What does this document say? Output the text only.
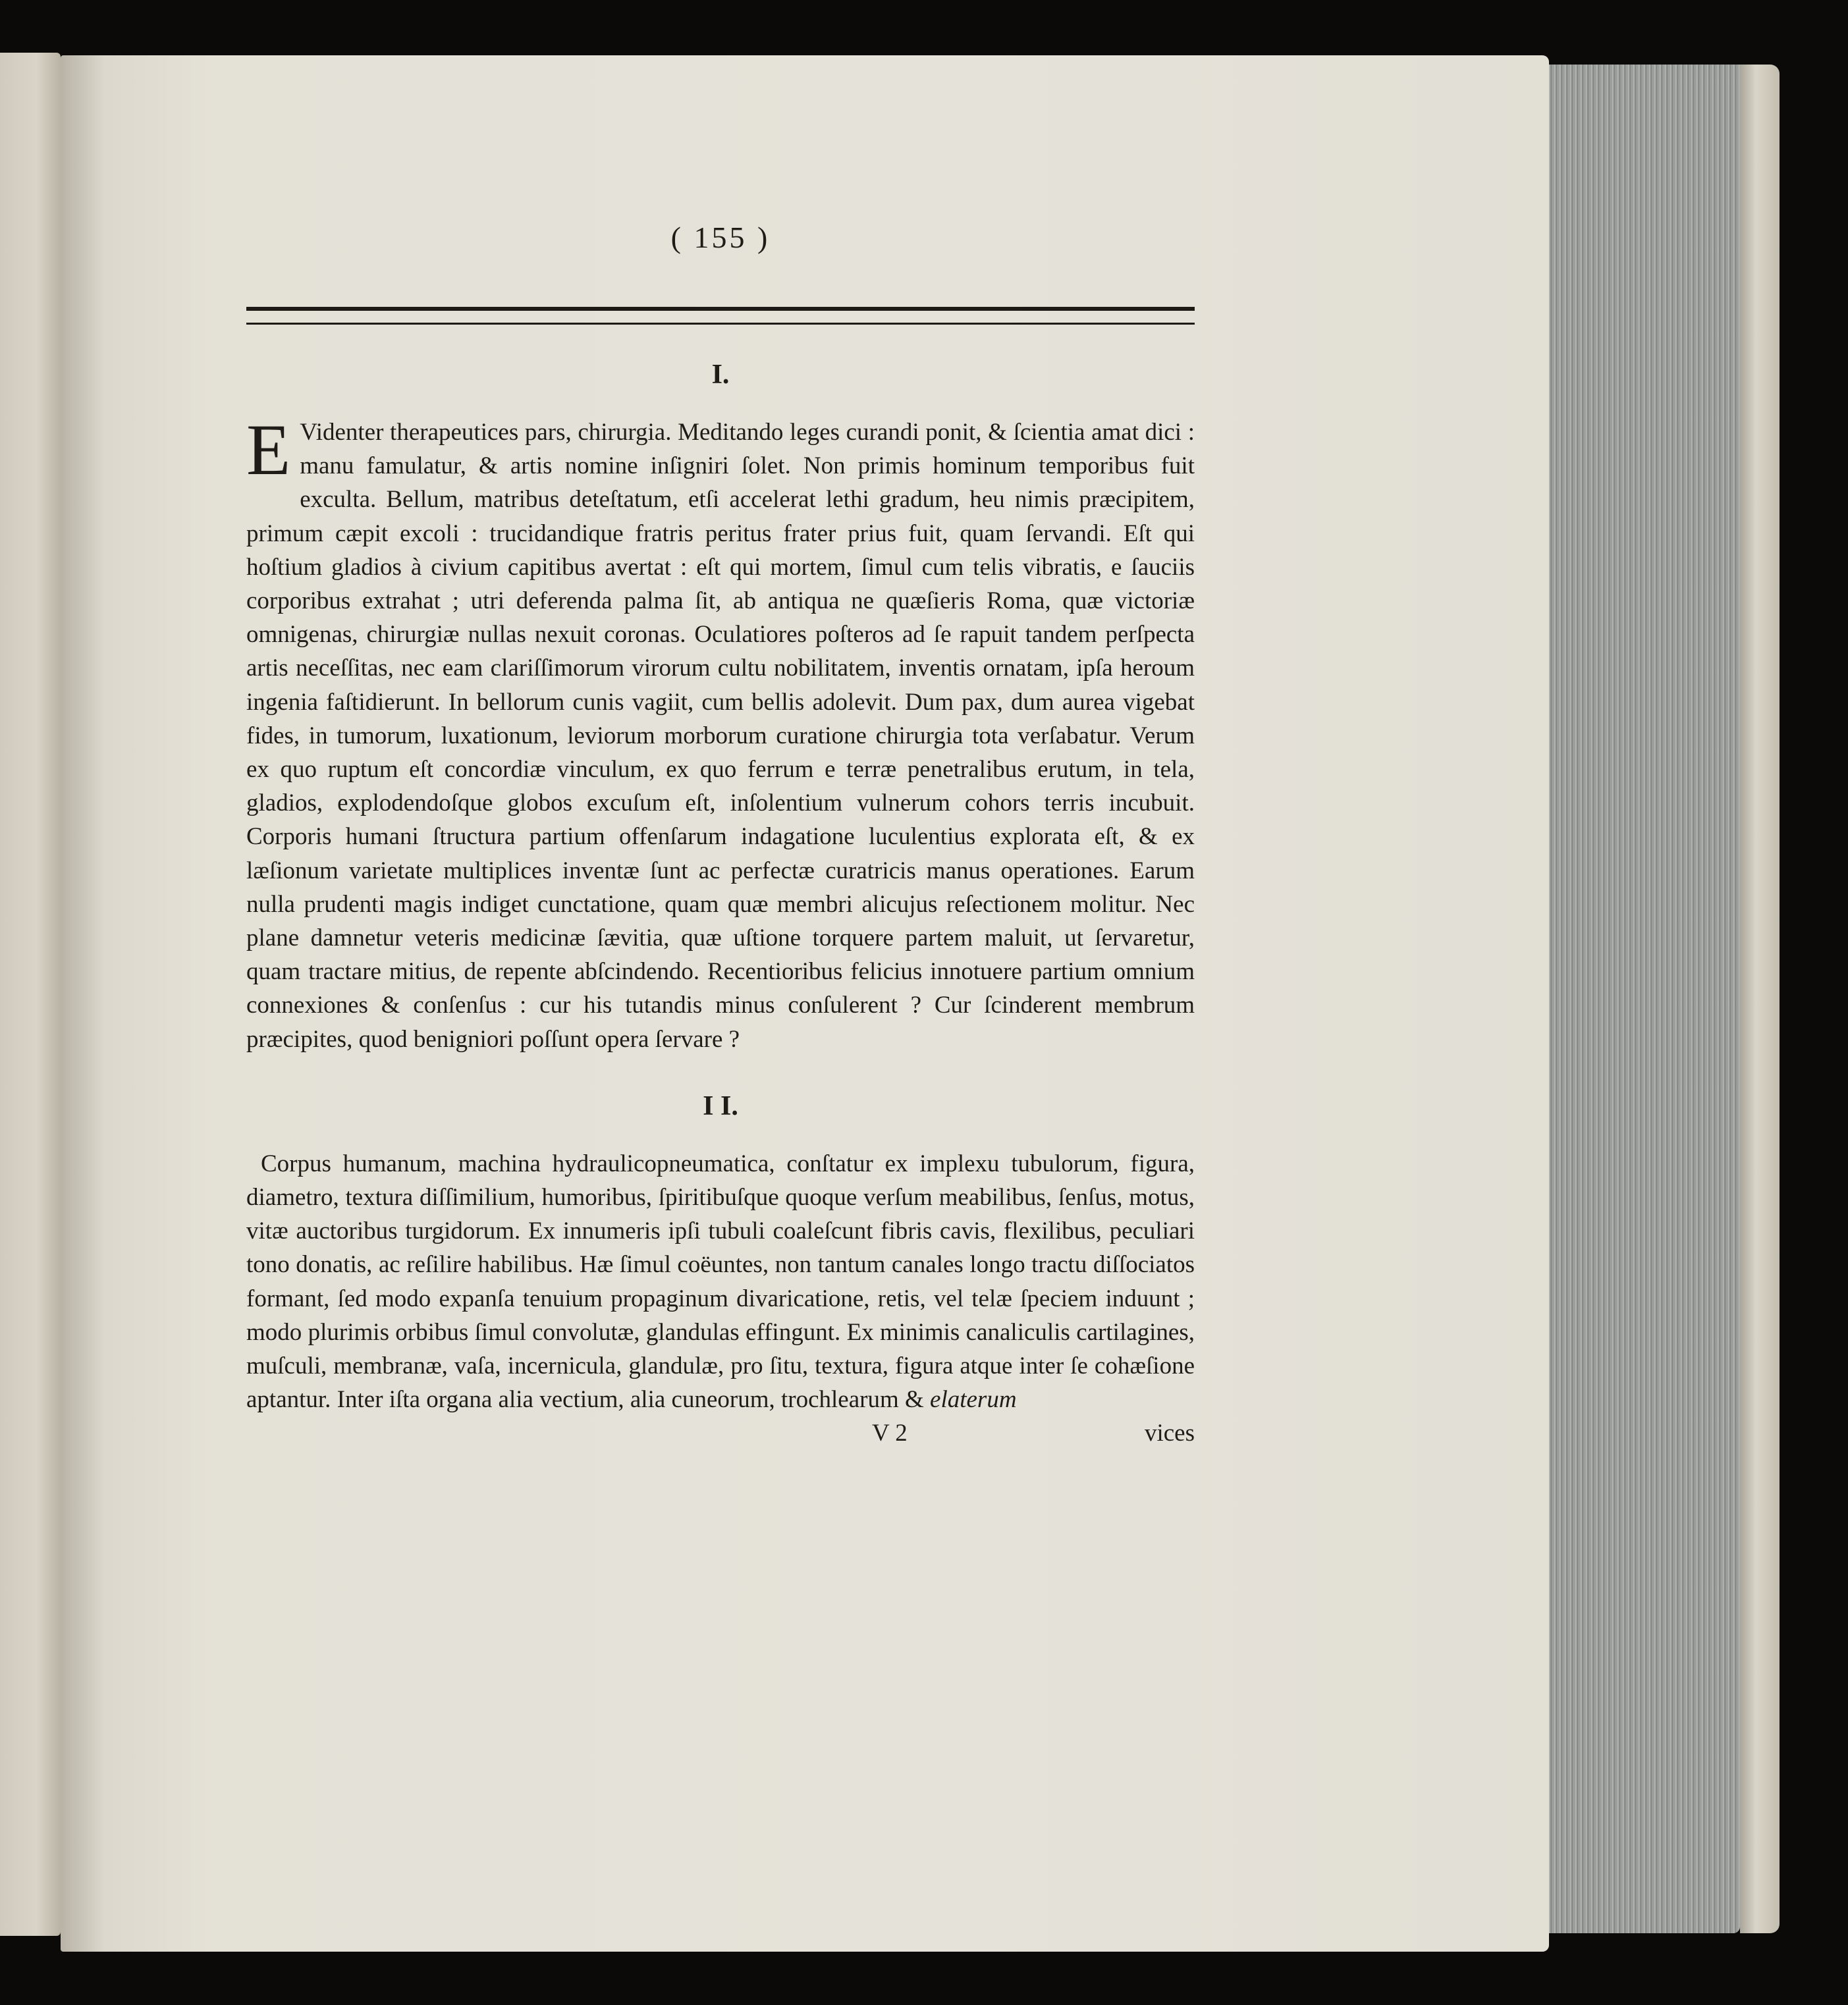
( 155 )

I.

E Videnter therapeutices pars, chirurgia. Meditando leges curandi ponit, & ſcientia amat dici : manu famulatur, & artis nomine inſigniri ſolet. Non primis hominum temporibus fuit exculta. Bellum, matribus deteſtatum, etſi accelerat lethi gradum, heu nimis præcipitem, primum cæpit excoli : trucidandique fratris peritus frater prius fuit, quam ſervandi. Eſt qui hoſtium gladios à civium capitibus avertat : eſt qui mortem, ſimul cum telis vibratis, e ſauciis corporibus extrahat ; utri deferenda palma ſit, ab antiqua ne quæſieris Roma, quæ victoriæ omnigenas, chirurgiæ nullas nexuit coronas. Oculatiores poſteros ad ſe rapuit tandem perſpecta artis neceſſitas, nec eam clariſſimorum virorum cultu nobilitatem, inventis ornatam, ipſa heroum ingenia faſtidierunt. In bellorum cunis vagiit, cum bellis adolevit. Dum pax, dum aurea vigebat fides, in tumorum, luxationum, leviorum morborum curatione chirurgia tota verſabatur. Verum ex quo ruptum eſt concordiæ vinculum, ex quo ferrum e terræ penetralibus erutum, in tela, gladios, explodendoſque globos excuſum eſt, inſolentium vulnerum cohors terris incubuit. Corporis humani ſtructura partium offenſarum indagatione luculentius explorata eſt, & ex læſionum varietate multiplices inventæ ſunt ac perfectæ curatricis manus operationes. Earum nulla prudenti magis indiget cunctatione, quam quæ membri alicujus reſectionem molitur. Nec plane damnetur veteris medicinæ ſævitia, quæ uſtione torquere partem maluit, ut ſervaretur, quam tractare mitius, de repente abſcindendo. Recentioribus felicius innotuere partium omnium connexiones & conſenſus : cur his tutandis minus conſulerent ? Cur ſcinderent membrum præcipites, quod benigniori poſſunt opera ſervare ?

I I.

Corpus humanum, machina hydraulicopneumatica, conſtatur ex implexu tubulorum, figura, diametro, textura diſſimilium, humoribus, ſpiritibuſque quoque verſum meabilibus, ſenſus, motus, vitæ auctoribus turgidorum. Ex innumeris ipſi tubuli coaleſcunt fibris cavis, flexilibus, peculiari tono donatis, ac reſilire habilibus. Hæ ſimul coëuntes, non tantum canales longo tractu diſſociatos formant, ſed modo expanſa tenuium propaginum divaricatione, retis, vel telæ ſpeciem induunt ; modo plurimis orbibus ſimul convolutæ, glandulas effingunt. Ex minimis canaliculis cartilagines, muſculi, membranæ, vaſa, incernicula, glandulæ, pro ſitu, textura, figura atque inter ſe cohæſione aptantur. Inter iſta organa alia vectium, alia cuneorum, trochlearum & elaterum

V 2	vices
